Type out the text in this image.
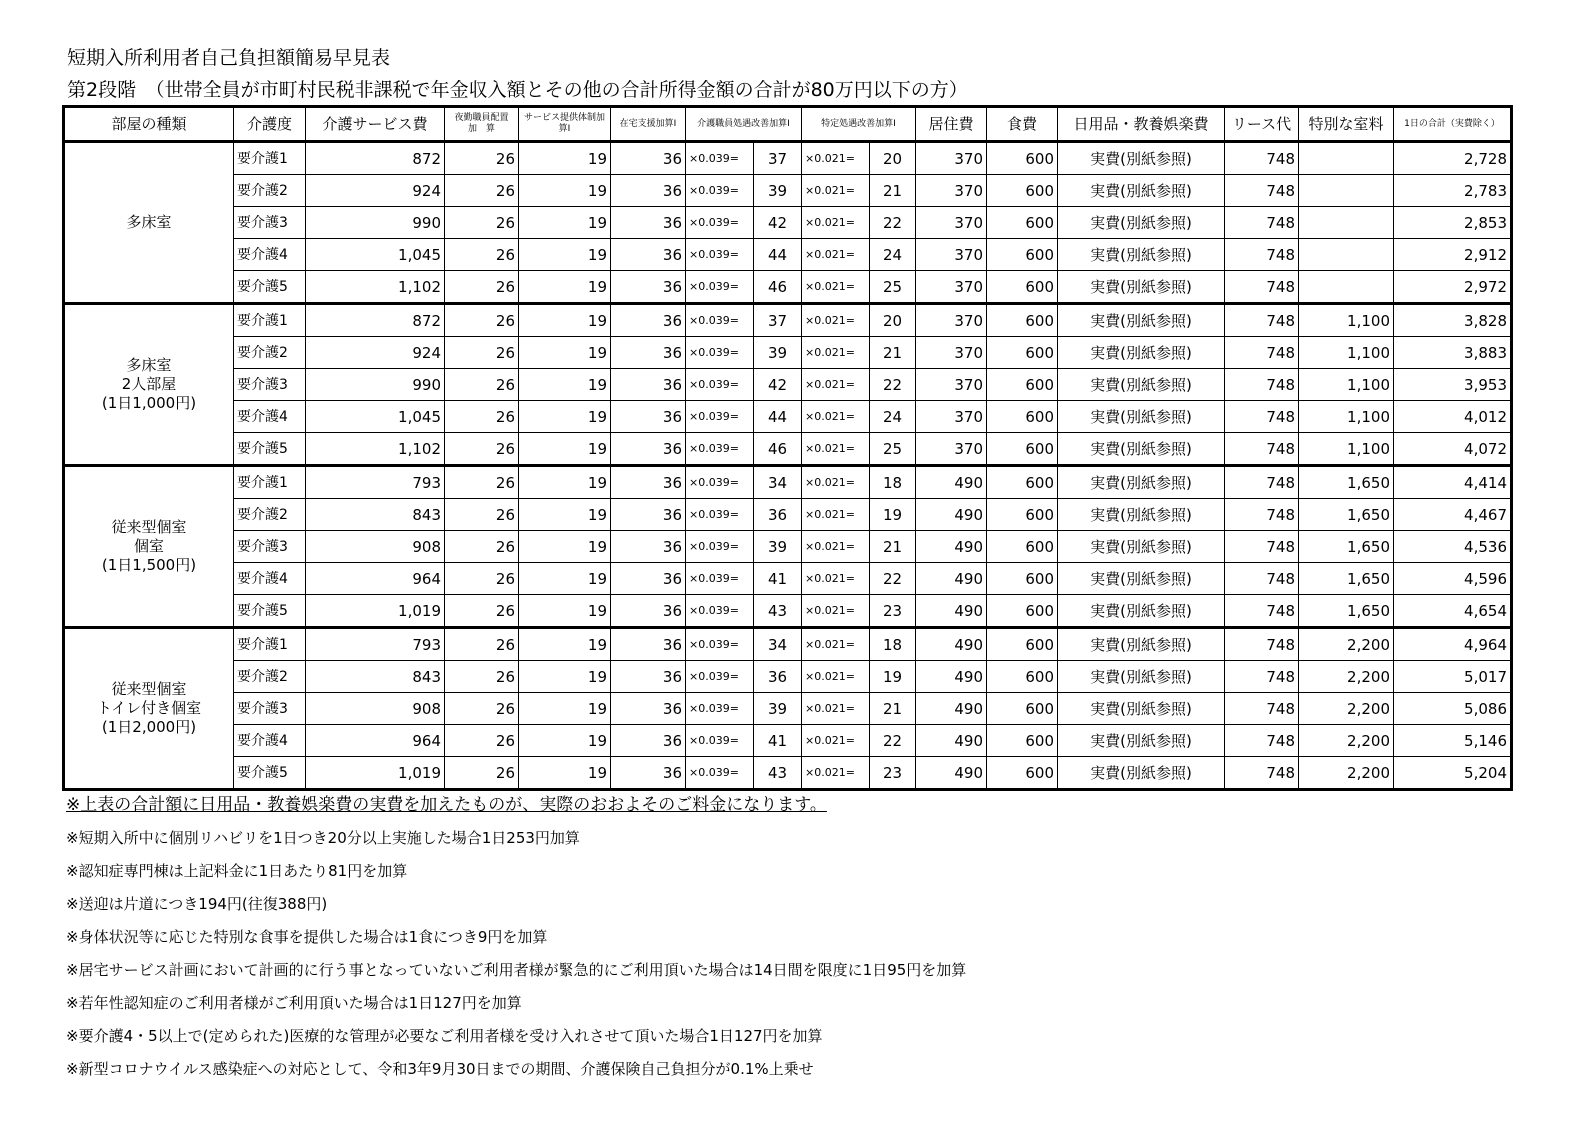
短期入所利用者自己負担額簡易早見表
第2段階　（世帯全員が市町村民税非課税で年金収入額とその他の合計所得金額の合計が80万円以下の方）
部屋の種類	介護度	介護サービス費	夜勤職員配置　加　算	サービス提供体制加算Ⅰ	在宅支援加算Ⅰ	介護職員処遇改善加算Ⅰ		特定処遇改善加算Ⅰ		居住費	食費	日用品・教養娯楽費	リース代	特別な室料	1日の合計（実費除く）

多床室	要介護1	872	26	19	36	×0.039=	37	×0.021=	20	370	600	実費(別紙参照)	748		2,728
	要介護2	924	26	19	36	×0.039=	39	×0.021=	21	370	600	実費(別紙参照)	748		2,783
	要介護3	990	26	19	36	×0.039=	42	×0.021=	22	370	600	実費(別紙参照)	748		2,853
	要介護4	1,045	26	19	36	×0.039=	44	×0.021=	24	370	600	実費(別紙参照)	748		2,912
	要介護5	1,102	26	19	36	×0.039=	46	×0.021=	25	370	600	実費(別紙参照)	748		2,972

多床室
2人部屋
(1日1,000円)	要介護1	872	26	19	36	×0.039=	37	×0.021=	20	370	600	実費(別紙参照)	748	1,100	3,828
	要介護2	924	26	19	36	×0.039=	39	×0.021=	21	370	600	実費(別紙参照)	748	1,100	3,883
	要介護3	990	26	19	36	×0.039=	42	×0.021=	22	370	600	実費(別紙参照)	748	1,100	3,953
	要介護4	1,045	26	19	36	×0.039=	44	×0.021=	24	370	600	実費(別紙参照)	748	1,100	4,012
	要介護5	1,102	26	19	36	×0.039=	46	×0.021=	25	370	600	実費(別紙参照)	748	1,100	4,072

従来型個室
個室
(1日1,500円)	要介護1	793	26	19	36	×0.039=	34	×0.021=	18	490	600	実費(別紙参照)	748	1,650	4,414
	要介護2	843	26	19	36	×0.039=	36	×0.021=	19	490	600	実費(別紙参照)	748	1,650	4,467
	要介護3	908	26	19	36	×0.039=	39	×0.021=	21	490	600	実費(別紙参照)	748	1,650	4,536
	要介護4	964	26	19	36	×0.039=	41	×0.021=	22	490	600	実費(別紙参照)	748	1,650	4,596
	要介護5	1,019	26	19	36	×0.039=	43	×0.021=	23	490	600	実費(別紙参照)	748	1,650	4,654

従来型個室
トイレ付き個室
(1日2,000円)	要介護1	793	26	19	36	×0.039=	34	×0.021=	18	490	600	実費(別紙参照)	748	2,200	4,964
	要介護2	843	26	19	36	×0.039=	36	×0.021=	19	490	600	実費(別紙参照)	748	2,200	5,017
	要介護3	908	26	19	36	×0.039=	39	×0.021=	21	490	600	実費(別紙参照)	748	2,200	5,086
	要介護4	964	26	19	36	×0.039=	41	×0.021=	22	490	600	実費(別紙参照)	748	2,200	5,146
	要介護5	1,019	26	19	36	×0.039=	43	×0.021=	23	490	600	実費(別紙参照)	748	2,200	5,204
※上表の合計額に日用品・教養娯楽費の実費を加えたものが、実際のおおよそのご料金になります。
※短期入所中に個別リハビリを1日つき20分以上実施した場合1日253円加算
※認知症専門棟は上記料金に1日あたり81円を加算
※送迎は片道につき194円(往復388円)
※身体状況等に応じた特別な食事を提供した場合は1食につき9円を加算
※居宅サービス計画において計画的に行う事となっていないご利用者様が緊急的にご利用頂いた場合は14日間を限度に1日95円を加算
※若年性認知症のご利用者様がご利用頂いた場合は1日127円を加算
※要介護4・5以上で(定められた)医療的な管理が必要なご利用者様を受け入れさせて頂いた場合1日127円を加算
※新型コロナウイルス感染症への対応として、令和3年9月30日までの期間、介護保険自己負担分が0.1%上乗せ
